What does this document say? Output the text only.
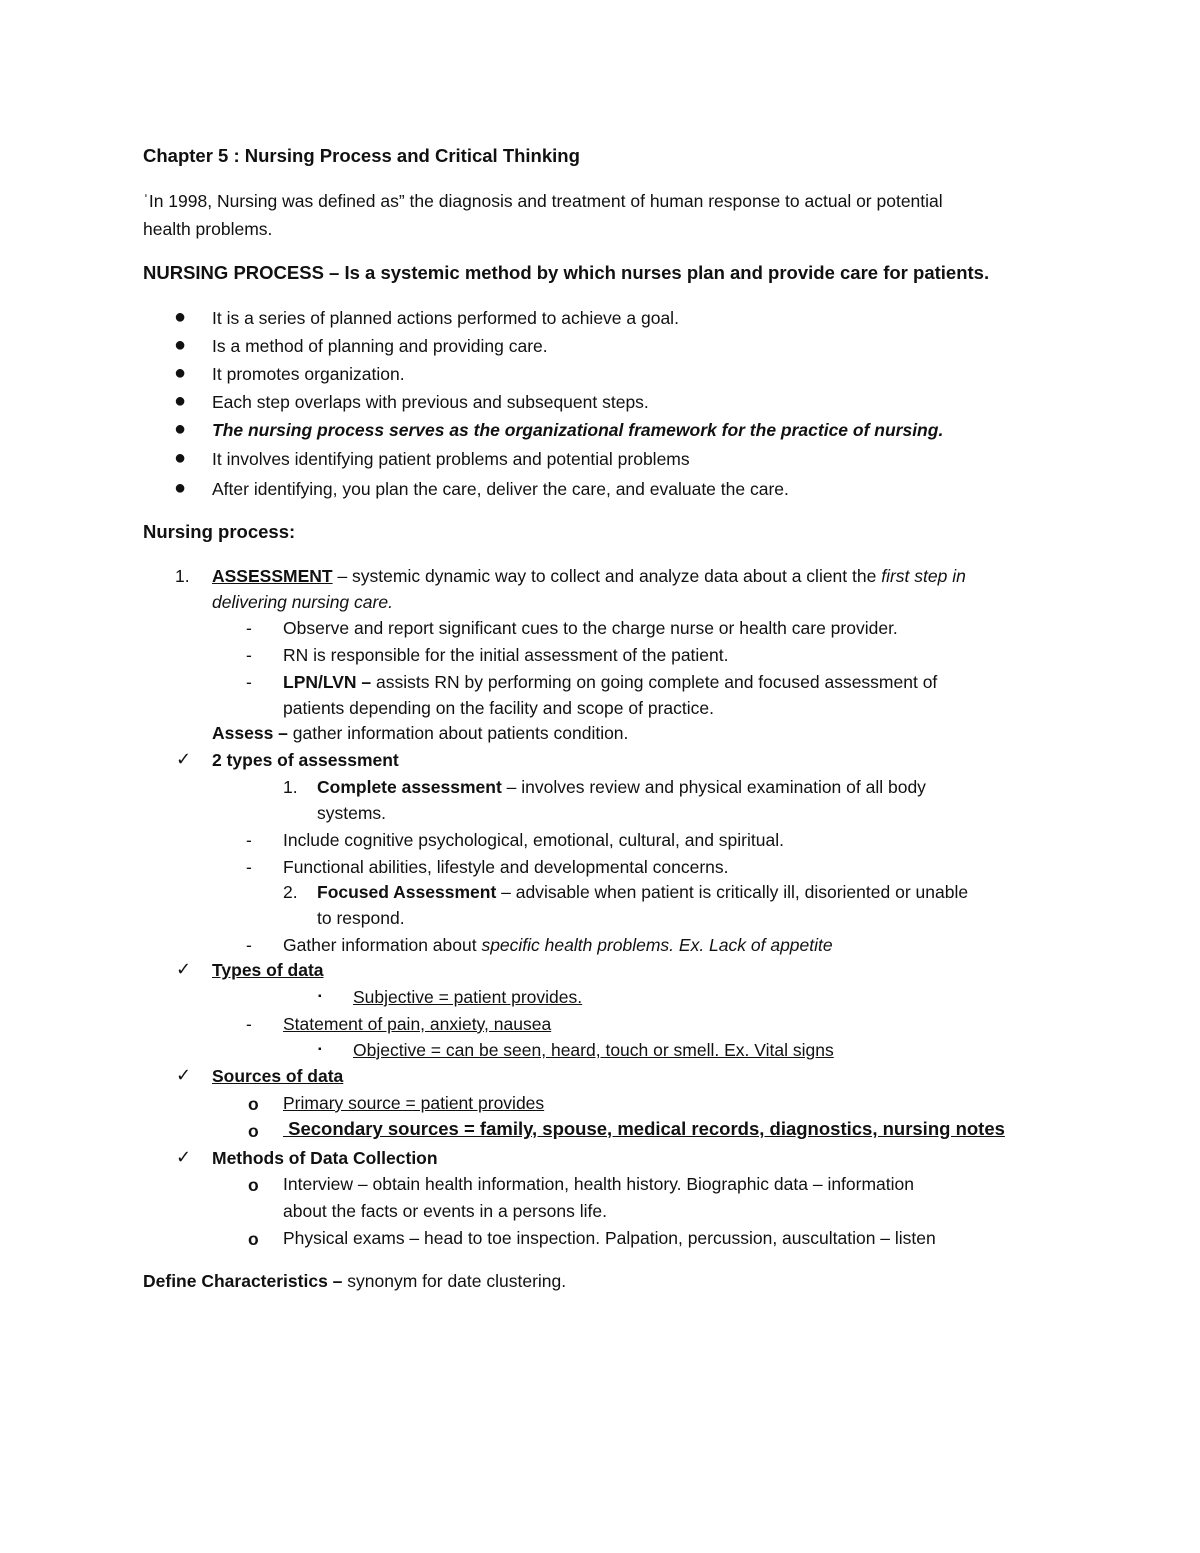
Chapter 5 : Nursing Process and Critical Thinking
ˈIn 1998, Nursing was defined as” the diagnosis and treatment of human response to actual or potential
health problems.
NURSING PROCESS – Is a systemic method by which nurses plan and provide care for patients.
● It is a series of planned actions performed to achieve a goal.
● Is a method of planning and providing care.
● It promotes organization.
● Each step overlaps with previous and subsequent steps.
● The nursing process serves as the organizational framework for the practice of nursing.
● It involves identifying patient problems and potential problems
● After identifying, you plan the care, deliver the care, and evaluate the care.
Nursing process:
1. ASSESSMENT – systemic dynamic way to collect and analyze data about a client the first step in
delivering nursing care.
- Observe and report significant cues to the charge nurse or health care provider.
- RN is responsible for the initial assessment of the patient.
- LPN/LVN – assists RN by performing on going complete and focused assessment of
patients depending on the facility and scope of practice.
Assess – gather information about patients condition.
✓ 2 types of assessment
1. Complete assessment – involves review and physical examination of all body
systems.
- Include cognitive psychological, emotional, cultural, and spiritual.
- Functional abilities, lifestyle and developmental concerns.
2. Focused Assessment – advisable when patient is critically ill, disoriented or unable
to respond.
- Gather information about specific health problems. Ex. Lack of appetite
✓ Types of data
▪ Subjective = patient provides.
- Statement of pain, anxiety, nausea
▪ Objective = can be seen, heard, touch or smell. Ex. Vital signs
✓ Sources of data
o Primary source = patient provides
o Secondary sources = family, spouse, medical records, diagnostics, nursing notes
✓ Methods of Data Collection
o Interview – obtain health information, health history. Biographic data – information
about the facts or events in a persons life.
o Physical exams – head to toe inspection. Palpation, percussion, auscultation – listen
Define Characteristics – synonym for date clustering.
